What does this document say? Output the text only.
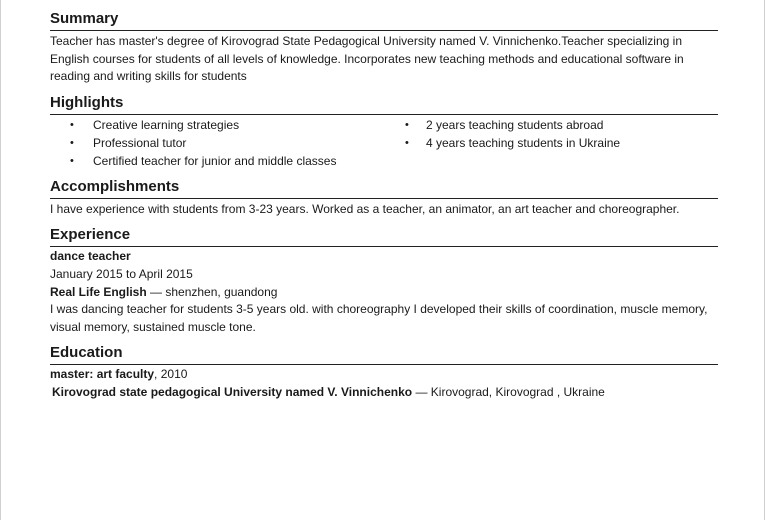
Summary

Teacher has master's degree of Kirovograd State Pedagogical University named V. Vinnichenko.Teacher specializing in English courses for students of all levels of knowledge. Incorporates new teaching methods and educational software in reading and writing skills for students

Highlights
• Creative learning strategies
• Professional tutor
• Certified teacher for junior and middle classes
• 2 years teaching students abroad
• 4 years teaching students in Ukraine
Accomplishments

I have experience with students from 3-23 years. Worked as a teacher, an animator, an art teacher and choreographer.

Experience

dance teacher

January 2015 to April 2015

Real Life English — shenzhen, guandong

I was dancing teacher for students 3-5 years old. with choreography I developed their skills of coordination, muscle memory, visual memory, sustained muscle tone.

Education

master: art faculty, 2010

Kirovograd state pedagogical University named V. Vinnichenko — Kirovograd, Kirovograd , Ukraine
